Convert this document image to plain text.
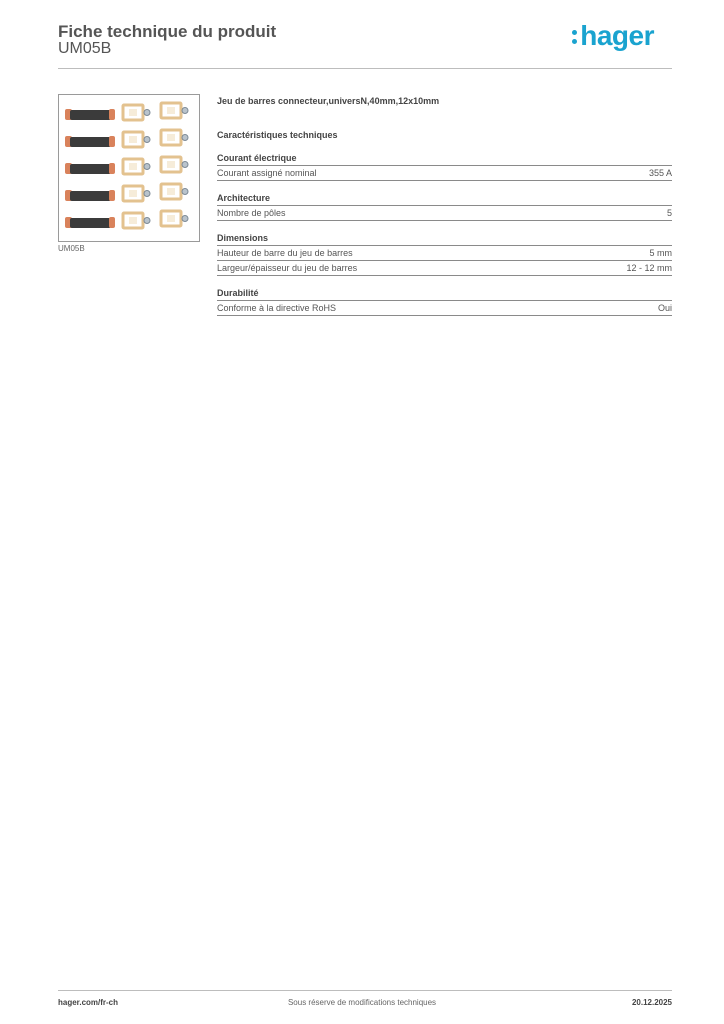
Fiche technique du produit
UM05B	hager
UM05B
Jeu de barres connecteur,universN,40mm,12x10mm
Caractéristiques techniques
Courant électrique
Courant assigné nominal	355 A
Architecture
Nombre de pôles	5
Dimensions
Hauteur de barre du jeu de barres	5 mm
Largeur/épaisseur du jeu de barres	12 - 12 mm
Durabilité
Conforme à la directive RoHS	Oui
hager.com/fr-ch	Sous réserve de modifications techniques	20.12.2025
